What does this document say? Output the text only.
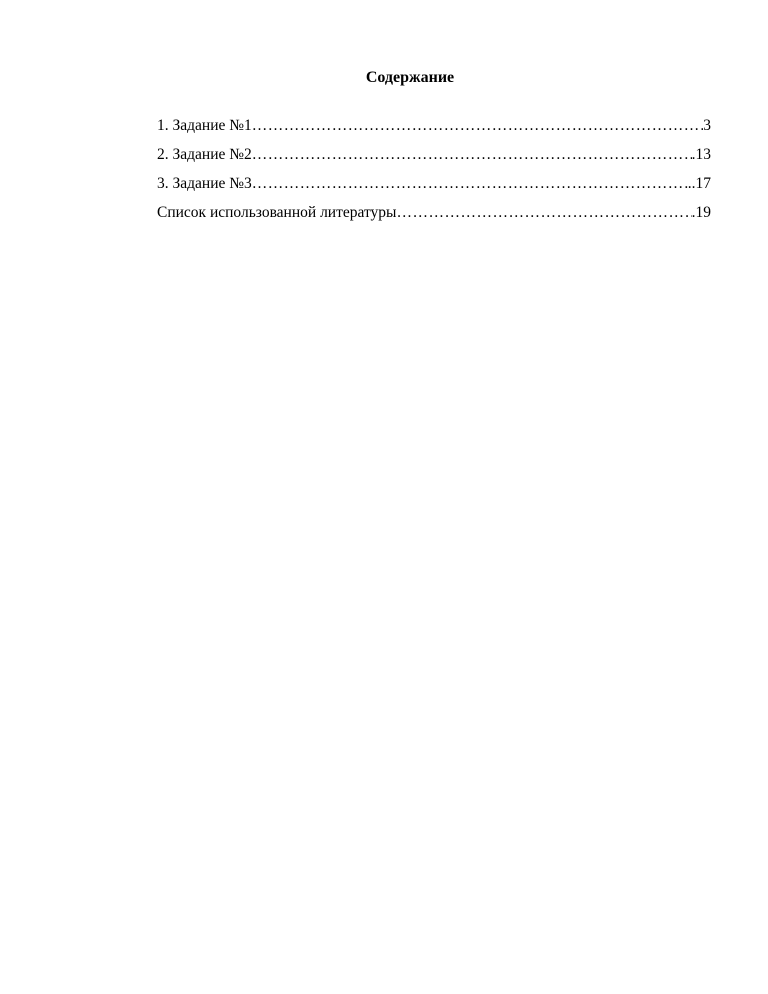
Содержание
1. Задание №1 …………………………………………………………………………………………………………………………………………………………………………………………	3
2. Задание №2 …………………………………………………………………………………………………………………………………………………………………………………………	.13
3. Задание №3 …………………………………………………………………………………………………………………………………………………………………………………………	..17
Список использованной литературы …………………………………………………………………………………………………………………………………………………………………………………………	.19
